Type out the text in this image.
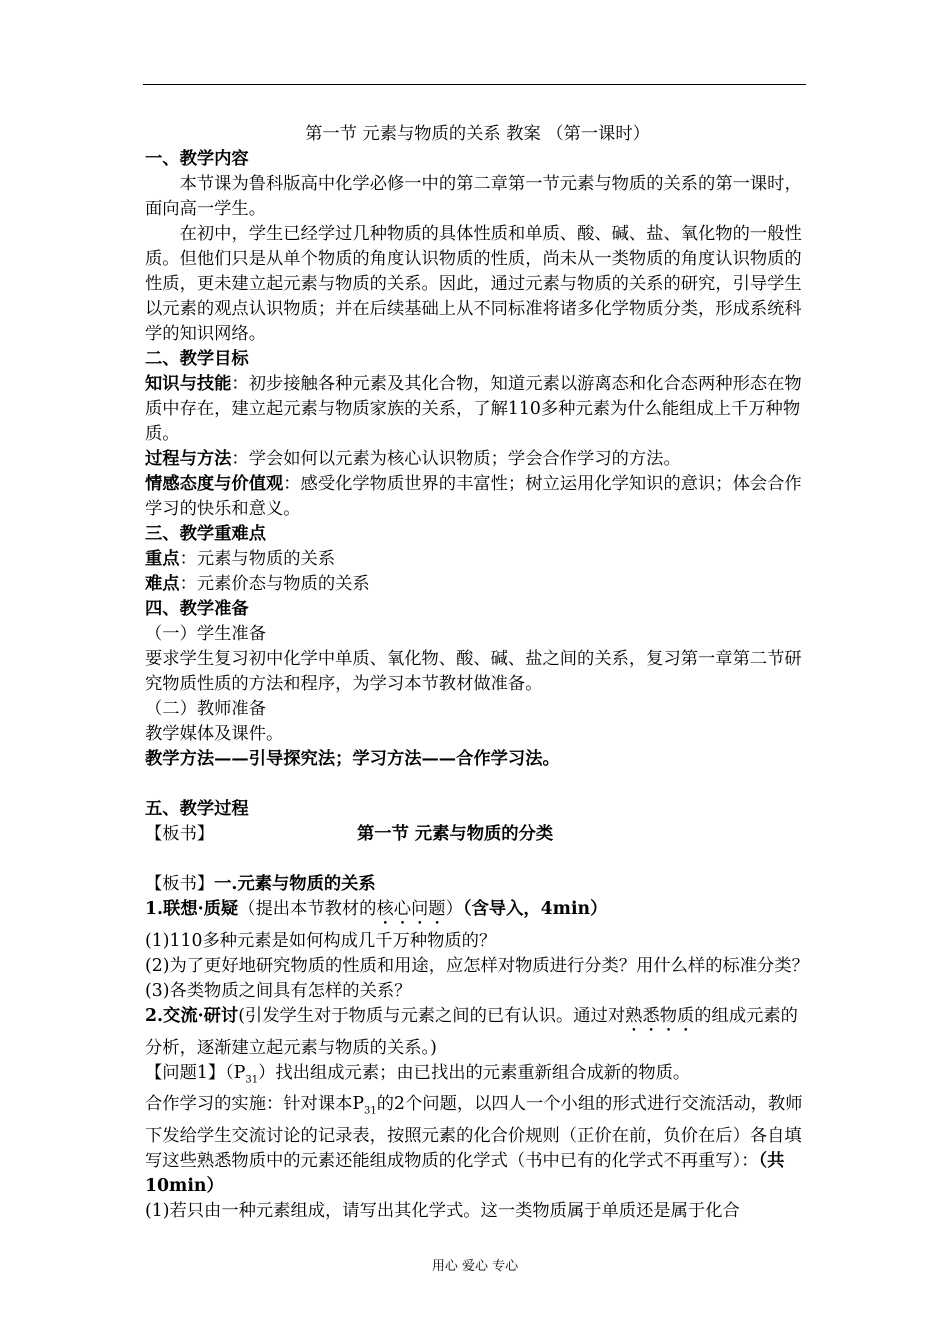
第一节 元素与物质的关系 教案 （第一课时）

一、教学内容

本节课为鲁科版高中化学必修一中的第二章第一节元素与物质的关系的第一课时，面向高一学生。

在初中，学生已经学过几种物质的具体性质和单质、酸、碱、盐、氧化物的一般性质。但他们只是从单个物质的角度认识物质的性质，尚未从一类物质的角度认识物质的性质，更未建立起元素与物质的关系。因此，通过元素与物质的关系的研究，引导学生以元素的观点认识物质；并在后续基础上从不同标准将诸多化学物质分类，形成系统科学的知识网络。

二、教学目标

知识与技能：初步接触各种元素及其化合物，知道元素以游离态和化合态两种形态在物质中存在，建立起元素与物质家族的关系，了解110多种元素为什么能组成上千万种物质。

过程与方法：学会如何以元素为核心认识物质；学会合作学习的方法。

情感态度与价值观：感受化学物质世界的丰富性；树立运用化学知识的意识；体会合作学习的快乐和意义。

三、教学重难点

重点：元素与物质的关系

难点：元素价态与物质的关系

四、教学准备

（一）学生准备

要求学生复习初中化学中单质、氧化物、酸、碱、盐之间的关系，复习第一章第二节研究物质性质的方法和程序，为学习本节教材做准备。

（二）教师准备

教学媒体及课件。

教学方法——引导探究法；学习方法——合作学习法。

五、教学过程

【板书】	第一节 元素与物质的分类

【板书】一.元素与物质的关系

1.联想·质疑（提出本节教材的核心问题）（含导入，4min）

(1)110多种元素是如何构成几千万种物质的？

(2)为了更好地研究物质的性质和用途，应怎样对物质进行分类？用什么样的标准分类？

(3)各类物质之间具有怎样的关系？

2.交流·研讨(引发学生对于物质与元素之间的已有认识。通过对熟悉物质的组成元素的分析，逐渐建立起元素与物质的关系。)

【问题1】$(P_{31})$找出组成元素；由已找出的元素重新组合成新的物质。

合作学习的实施：针对课本$P_{31}$的2个问题，以四人一个小组的形式进行交流活动，教师下发给学生交流讨论的记录表，按照元素的化合价规则（正价在前，负价在后）各自填写这些熟悉物质中的元素还能组成物质的化学式（书中已有的化学式不再重写）：（共10min）

(1)若只由一种元素组成，请写出其化学式。这一类物质属于单质还是属于化合

用心 爱心 专心
